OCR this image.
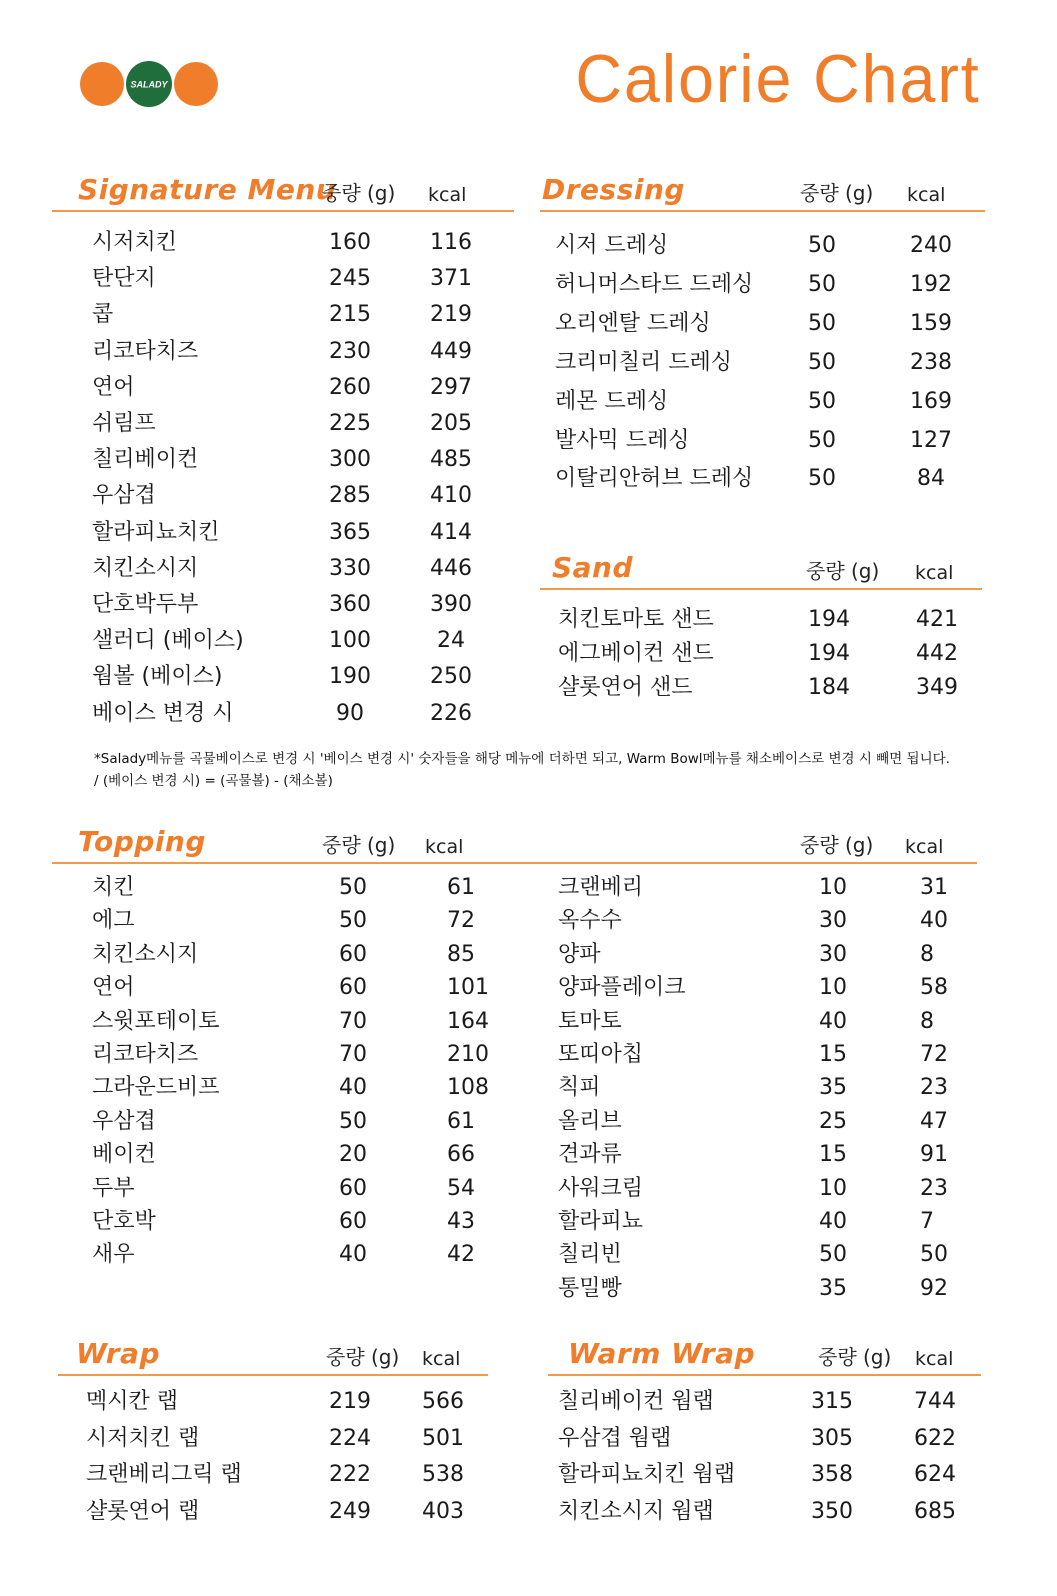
SALADY	Calorie Chart
Signature Menu
중량 (g) kcal
시저치킨	160	116
탄단지	245	371
콥	215	219
리코타치즈	230	449
연어	260	297
쉬림프	225	205
칠리베이컨	300	485
우삼겹	285	410
할라피뇨치킨	365	414
치킨소시지	330	446
단호박두부	360	390
샐러디 (베이스)	100	24
웜볼 (베이스)	190	250
베이스 변경 시	90	226
Dressing	중량 (g) kcal
시저 드레싱	50	240
허니머스타드 드레싱 50	192
오리엔탈 드레싱	50	159
크리미칠리 드레싱	50	238
레몬 드레싱	50	169
발사믹 드레싱	50	127
이탈리안허브 드레싱 50	84
Sand	중량 (g) kcal
치킨토마토 샌드	194	421
에그베이컨 샌드	194	442
샬롯연어 샌드	184	349
*Salady메뉴를 곡물베이스로 변경 시 '베이스 변경 시' 숫자들을 해당 메뉴에 더하면 되고, Warm Bowl메뉴를 채소베이스로 변경 시 빼면 됩니다.
/ (베이스 변경 시) = (곡물볼) - (채소볼)
Topping	중량 (g) kcal	중량 (g) kcal
치킨	50	61
에그	50	72
치킨소시지	60	85
연어	60	101
스윗포테이토	70	164
리코타치즈	70	210
그라운드비프	40	108
우삼겹	50	61
베이컨	20	66
두부	60	54
단호박	60	43
새우	40	42
크랜베리	10	31
옥수수	30	40
양파	30	8
양파플레이크	10	58
토마토	40	8
또띠아칩	15	72
칙피	35	23
올리브	25	47
견과류	15	91
사워크림	10	23
할라피뇨	40	7
칠리빈	50	50
통밀빵	35	92
Wrap	중량 (g) kcal
멕시칸 랩	219 566
시저치킨 랩	224 501
크랜베리그릭 랩	222 538
샬롯연어 랩	249 403
Warm Wrap	중량 (g) kcal
칠리베이컨 웜랩	315	744
우삼겹 웜랩	305	622
할라피뇨치킨 웜랩	358	624
치킨소시지 웜랩	350	685
